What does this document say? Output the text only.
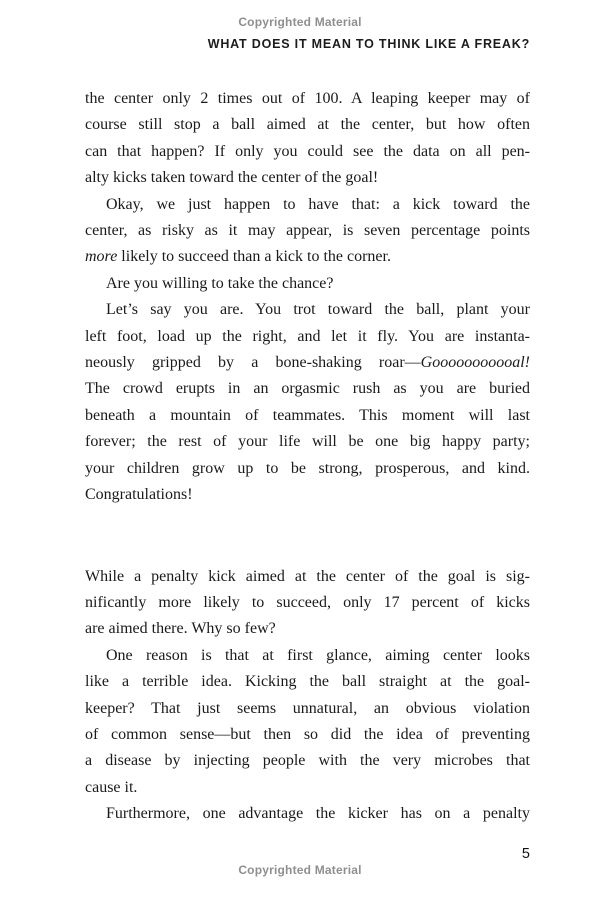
Copyrighted Material
WHAT DOES IT MEAN TO THINK LIKE A FREAK?
the center only 2 times out of 100. A leaping keeper may of
course still stop a ball aimed at the center, but how often
can that happen? If only you could see the data on all pen-
alty kicks taken toward the center of the goal!
Okay, we just happen to have that: a kick toward the
center, as risky as it may appear, is seven percentage points
more likely to succeed than a kick to the corner.
Are you willing to take the chance?
Let’s say you are. You trot toward the ball, plant your
left foot, load up the right, and let it fly. You are instanta-
neously gripped by a bone-shaking roar—Gooooooooooal!
The crowd erupts in an orgasmic rush as you are buried
beneath a mountain of teammates. This moment will last
forever; the rest of your life will be one big happy party;
your children grow up to be strong, prosperous, and kind.
Congratulations!
While a penalty kick aimed at the center of the goal is sig-
nificantly more likely to succeed, only 17 percent of kicks
are aimed there. Why so few?
One reason is that at first glance, aiming center looks
like a terrible idea. Kicking the ball straight at the goal-
keeper? That just seems unnatural, an obvious violation
of common sense—but then so did the idea of preventing
a disease by injecting people with the very microbes that
cause it.
Furthermore, one advantage the kicker has on a penalty
5
Copyrighted Material
